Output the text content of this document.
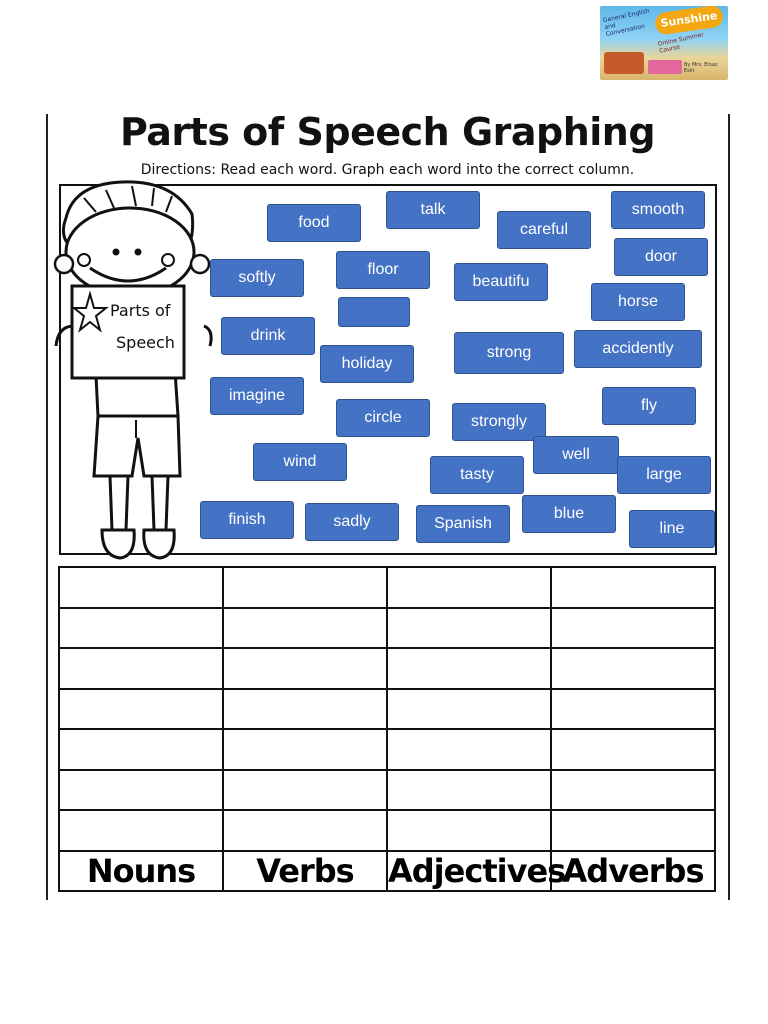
General English and Conversation
Sunshine
Online Summer Course
By Mrs. Elnaz Eslir
Parts of Speech Graphing
Directions: Read each word. Graph each word into the correct column.
Parts of
Speech
food
talk
careful
smooth
softly	floor
beautifu
door
horse
drink
holiday
strong	accidently
imagine
circle	strongly
fly
wind	well
tasty	large
finish	sadly	Spanish
blue
line

Nouns	Verbs	Adjectives	Adverbs
